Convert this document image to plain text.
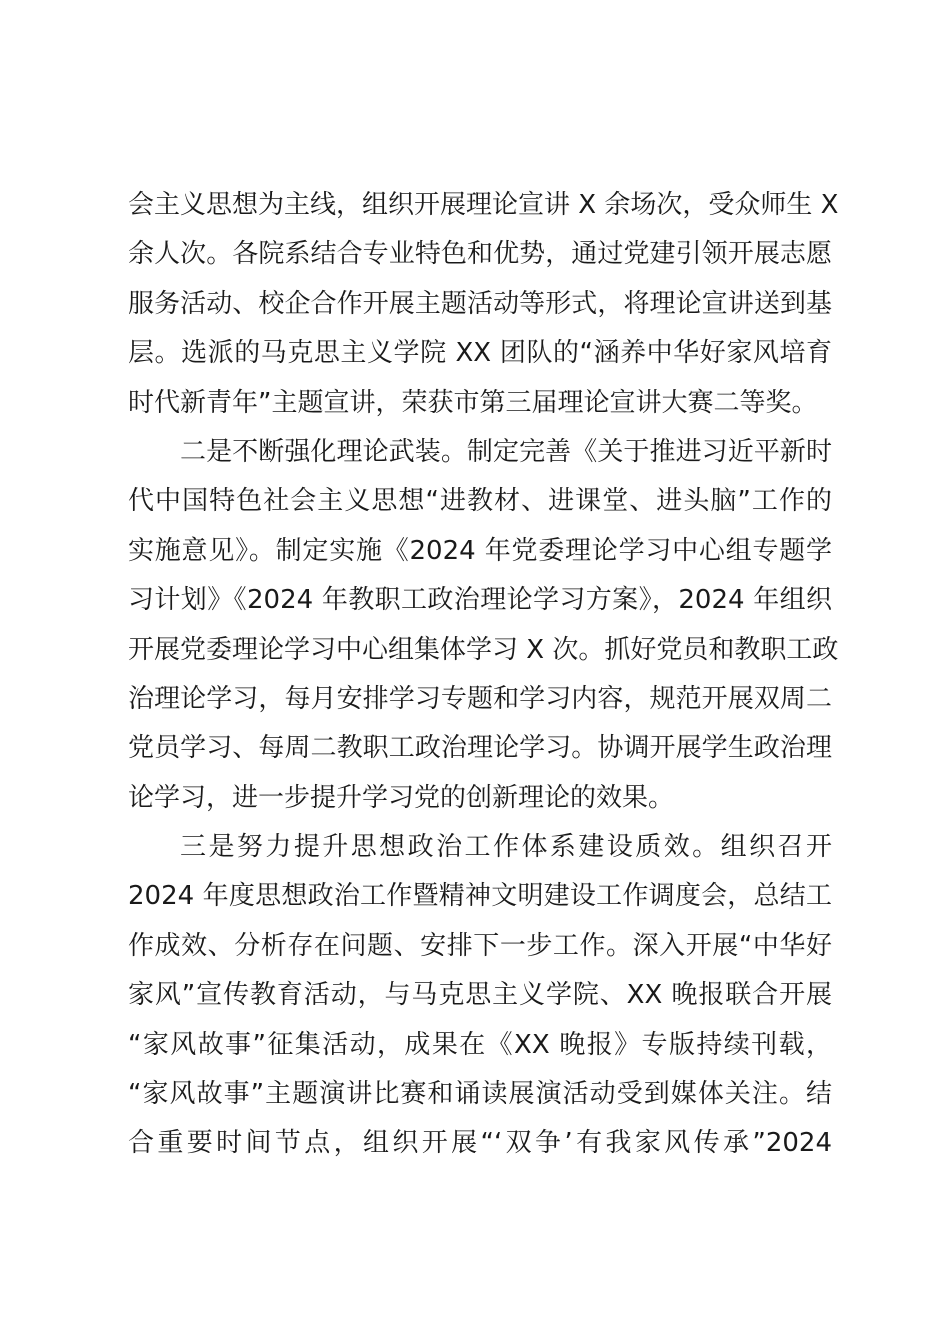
会主义思想为主线，组织开展理论宣讲 X 余场次，受众师生 X
余人次。各院系结合专业特色和优势，通过党建引领开展志愿
服务活动、校企合作开展主题活动等形式，将理论宣讲送到基
层。选派的马克思主义学院 XX 团队的“涵养中华好家风培育
时代新青年”主题宣讲，荣获市第三届理论宣讲大赛二等奖。
二是不断强化理论武装。制定完善《关于推进习近平新时
代中国特色社会主义思想“进教材、进课堂、进头脑”工作的
实施意见》。制定实施《2024 年党委理论学习中心组专题学
习计划》《2024 年教职工政治理论学习方案》，2024 年组织
开展党委理论学习中心组集体学习 X 次。抓好党员和教职工政
治理论学习，每月安排学习专题和学习内容，规范开展双周二
党员学习、每周二教职工政治理论学习。协调开展学生政治理
论学习，进一步提升学习党的创新理论的效果。
三是努力提升思想政治工作体系建设质效。组织召开
2024 年度思想政治工作暨精神文明建设工作调度会，总结工
作成效、分析存在问题、安排下一步工作。深入开展“中华好
家风”宣传教育活动，与马克思主义学院、XX 晚报联合开展
“家风故事”征集活动，成果在《XX 晚报》专版持续刊载，
“家风故事”主题演讲比赛和诵读展演活动受到媒体关注。结
合重要时间节点，组织开展“‘双争’有我家风传承”2024
